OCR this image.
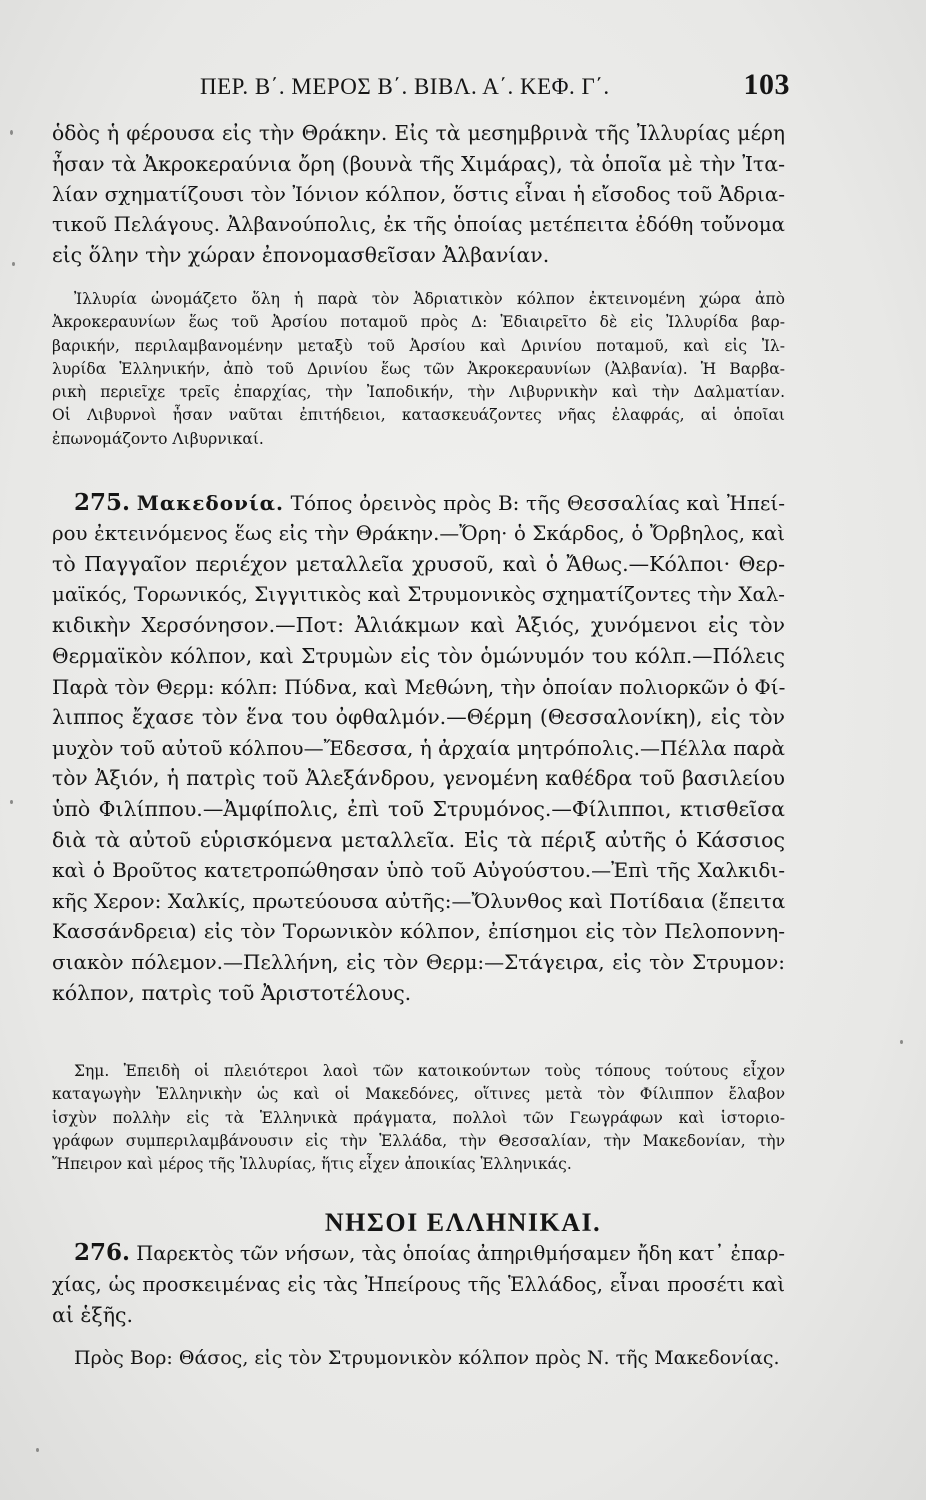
ΠΕΡ. Β΄. ΜΕΡΟΣ Β΄. ΒΙΒΛ. Α΄. ΚΕΦ. Γ΄.	103

ὁδὸς ἡ φέρουσα εἰς τὴν Θράκην. Εἰς τὰ μεσημβρινὰ τῆς Ἰλλυρίας μέρη
ἦσαν τὰ Ἀκροκεραύνια ὄρη (βουνὰ τῆς Χιμάρας), τὰ ὁποῖα μὲ τὴν Ἰτα-
λίαν σχηματίζουσι τὸν Ἰόνιον κόλπον, ὅστις εἶναι ἡ εἴσοδος τοῦ Ἀδρια-
τικοῦ Πελάγους. Ἀλβανούπολις, ἐκ τῆς ὁποίας μετέπειτα ἐδόθη τοὔνομα
εἰς ὅλην τὴν χώραν ἐπονομασθεῖσαν Ἀλβανίαν.

Ἰλλυρία ὠνομάζετο ὅλη ἡ παρὰ τὸν Ἀδριατικὸν κόλπον ἐκτεινομένη χώρα ἀπὸ
Ἀκροκεραυνίων ἕως τοῦ Ἀρσίου ποταμοῦ πρὸς Δ: Ἐδιαιρεῖτο δὲ εἰς Ἰλλυρίδα βαρ-
βαρικήν, περιλαμβανομένην μεταξὺ τοῦ Ἀρσίου καὶ Δρινίου ποταμοῦ, καὶ εἰς Ἰλ-
λυρίδα Ἑλληνικήν, ἀπὸ τοῦ Δρινίου ἕως τῶν Ἀκροκεραυνίων (Ἀλβανία). Ἡ Βαρβα-
ρικὴ περιεῖχε τρεῖς ἐπαρχίας, τὴν Ἰαποδικήν, τὴν Λιβυρνικὴν καὶ τὴν Δαλματίαν.
Οἱ Λιβυρνοὶ ἦσαν ναῦται ἐπιτήδειοι, κατασκευάζοντες νῆας ἐλαφράς, αἱ ὁποῖαι
ἐπωνομάζοντο Λιβυρνικαί.

275. Μακεδονία. Τόπος ὀρεινὸς πρὸς Β: τῆς Θεσσαλίας καὶ Ἠπεί-
ρου ἐκτεινόμενος ἕως εἰς τὴν Θράκην.—Ὄρη· ὁ Σκάρδος, ὁ Ὄρβηλος, καὶ
τὸ Παγγαῖον περιέχον μεταλλεῖα χρυσοῦ, καὶ ὁ Ἄθως.—Κόλποι· Θερ-
μαϊκός, Τορωνικός, Σιγγιτικὸς καὶ Στρυμονικὸς σχηματίζοντες τὴν Χαλ-
κιδικὴν Χερσόνησον.—Ποτ: Ἀλιάκμων καὶ Ἀξιός, χυνόμενοι εἰς τὸν
Θερμαϊκὸν κόλπον, καὶ Στρυμὼν εἰς τὸν ὁμώνυμόν του κόλπ.—Πόλεις
Παρὰ τὸν Θερμ: κόλπ: Πύδνα, καὶ Μεθώνη, τὴν ὁποίαν πολιορκῶν ὁ Φί-
λιππος ἔχασε τὸν ἕνα του ὀφθαλμόν.—Θέρμη (Θεσσαλονίκη), εἰς τὸν
μυχὸν τοῦ αὐτοῦ κόλπου—Ἔδεσσα, ἡ ἀρχαία μητρόπολις.—Πέλλα παρὰ
τὸν Ἀξιόν, ἡ πατρὶς τοῦ Ἀλεξάνδρου, γενομένη καθέδρα τοῦ βασιλείου
ὑπὸ Φιλίππου.—Ἀμφίπολις, ἐπὶ τοῦ Στρυμόνος.—Φίλιπποι, κτισθεῖσα
διὰ τὰ αὐτοῦ εὑρισκόμενα μεταλλεῖα. Εἰς τὰ πέριξ αὐτῆς ὁ Κάσσιος
καὶ ὁ Βροῦτος κατετροπώθησαν ὑπὸ τοῦ Αὐγούστου.—Ἐπὶ τῆς Χαλκιδι-
κῆς Χερον: Χαλκίς, πρωτεύουσα αὐτῆς:—Ὄλυνθος καὶ Ποτίδαια (ἔπειτα
Κασσάνδρεια) εἰς τὸν Τορωνικὸν κόλπον, ἐπίσημοι εἰς τὸν Πελοποννη-
σιακὸν πόλεμον.—Πελλήνη, εἰς τὸν Θερμ:—Στάγειρα, εἰς τὸν Στρυμον:
κόλπον, πατρὶς τοῦ Ἀριστοτέλους.

Σημ. Ἐπειδὴ οἱ πλειότεροι λαοὶ τῶν κατοικούντων τοὺς τόπους τούτους εἶχον
καταγωγὴν Ἑλληνικὴν ὡς καὶ οἱ Μακεδόνες, οἵτινες μετὰ τὸν Φίλιππον ἔλαβον
ἰσχὺν πολλὴν εἰς τὰ Ἑλληνικὰ πράγματα, πολλοὶ τῶν Γεωγράφων καὶ ἱστοριο-
γράφων συμπεριλαμβάνουσιν εἰς τὴν Ἑλλάδα, τὴν Θεσσαλίαν, τὴν Μακεδονίαν, τὴν
Ἤπειρον καὶ μέρος τῆς Ἰλλυρίας, ἥτις εἶχεν ἀποικίας Ἑλληνικάς.

ΝΗΣΟΙ ΕΛΛΗΝΙΚΑΙ.

276. Παρεκτὸς τῶν νήσων, τὰς ὁποίας ἀπηριθμήσαμεν ἤδη κατ᾽ ἐπαρ-
χίας, ὡς προσκειμένας εἰς τὰς Ἠπείρους τῆς Ἑλλάδος, εἶναι προσέτι καὶ
αἱ ἑξῆς.

Πρὸς Βορ: Θάσος, εἰς τὸν Στρυμονικὸν κόλπον πρὸς Ν. τῆς Μακεδονίας.
